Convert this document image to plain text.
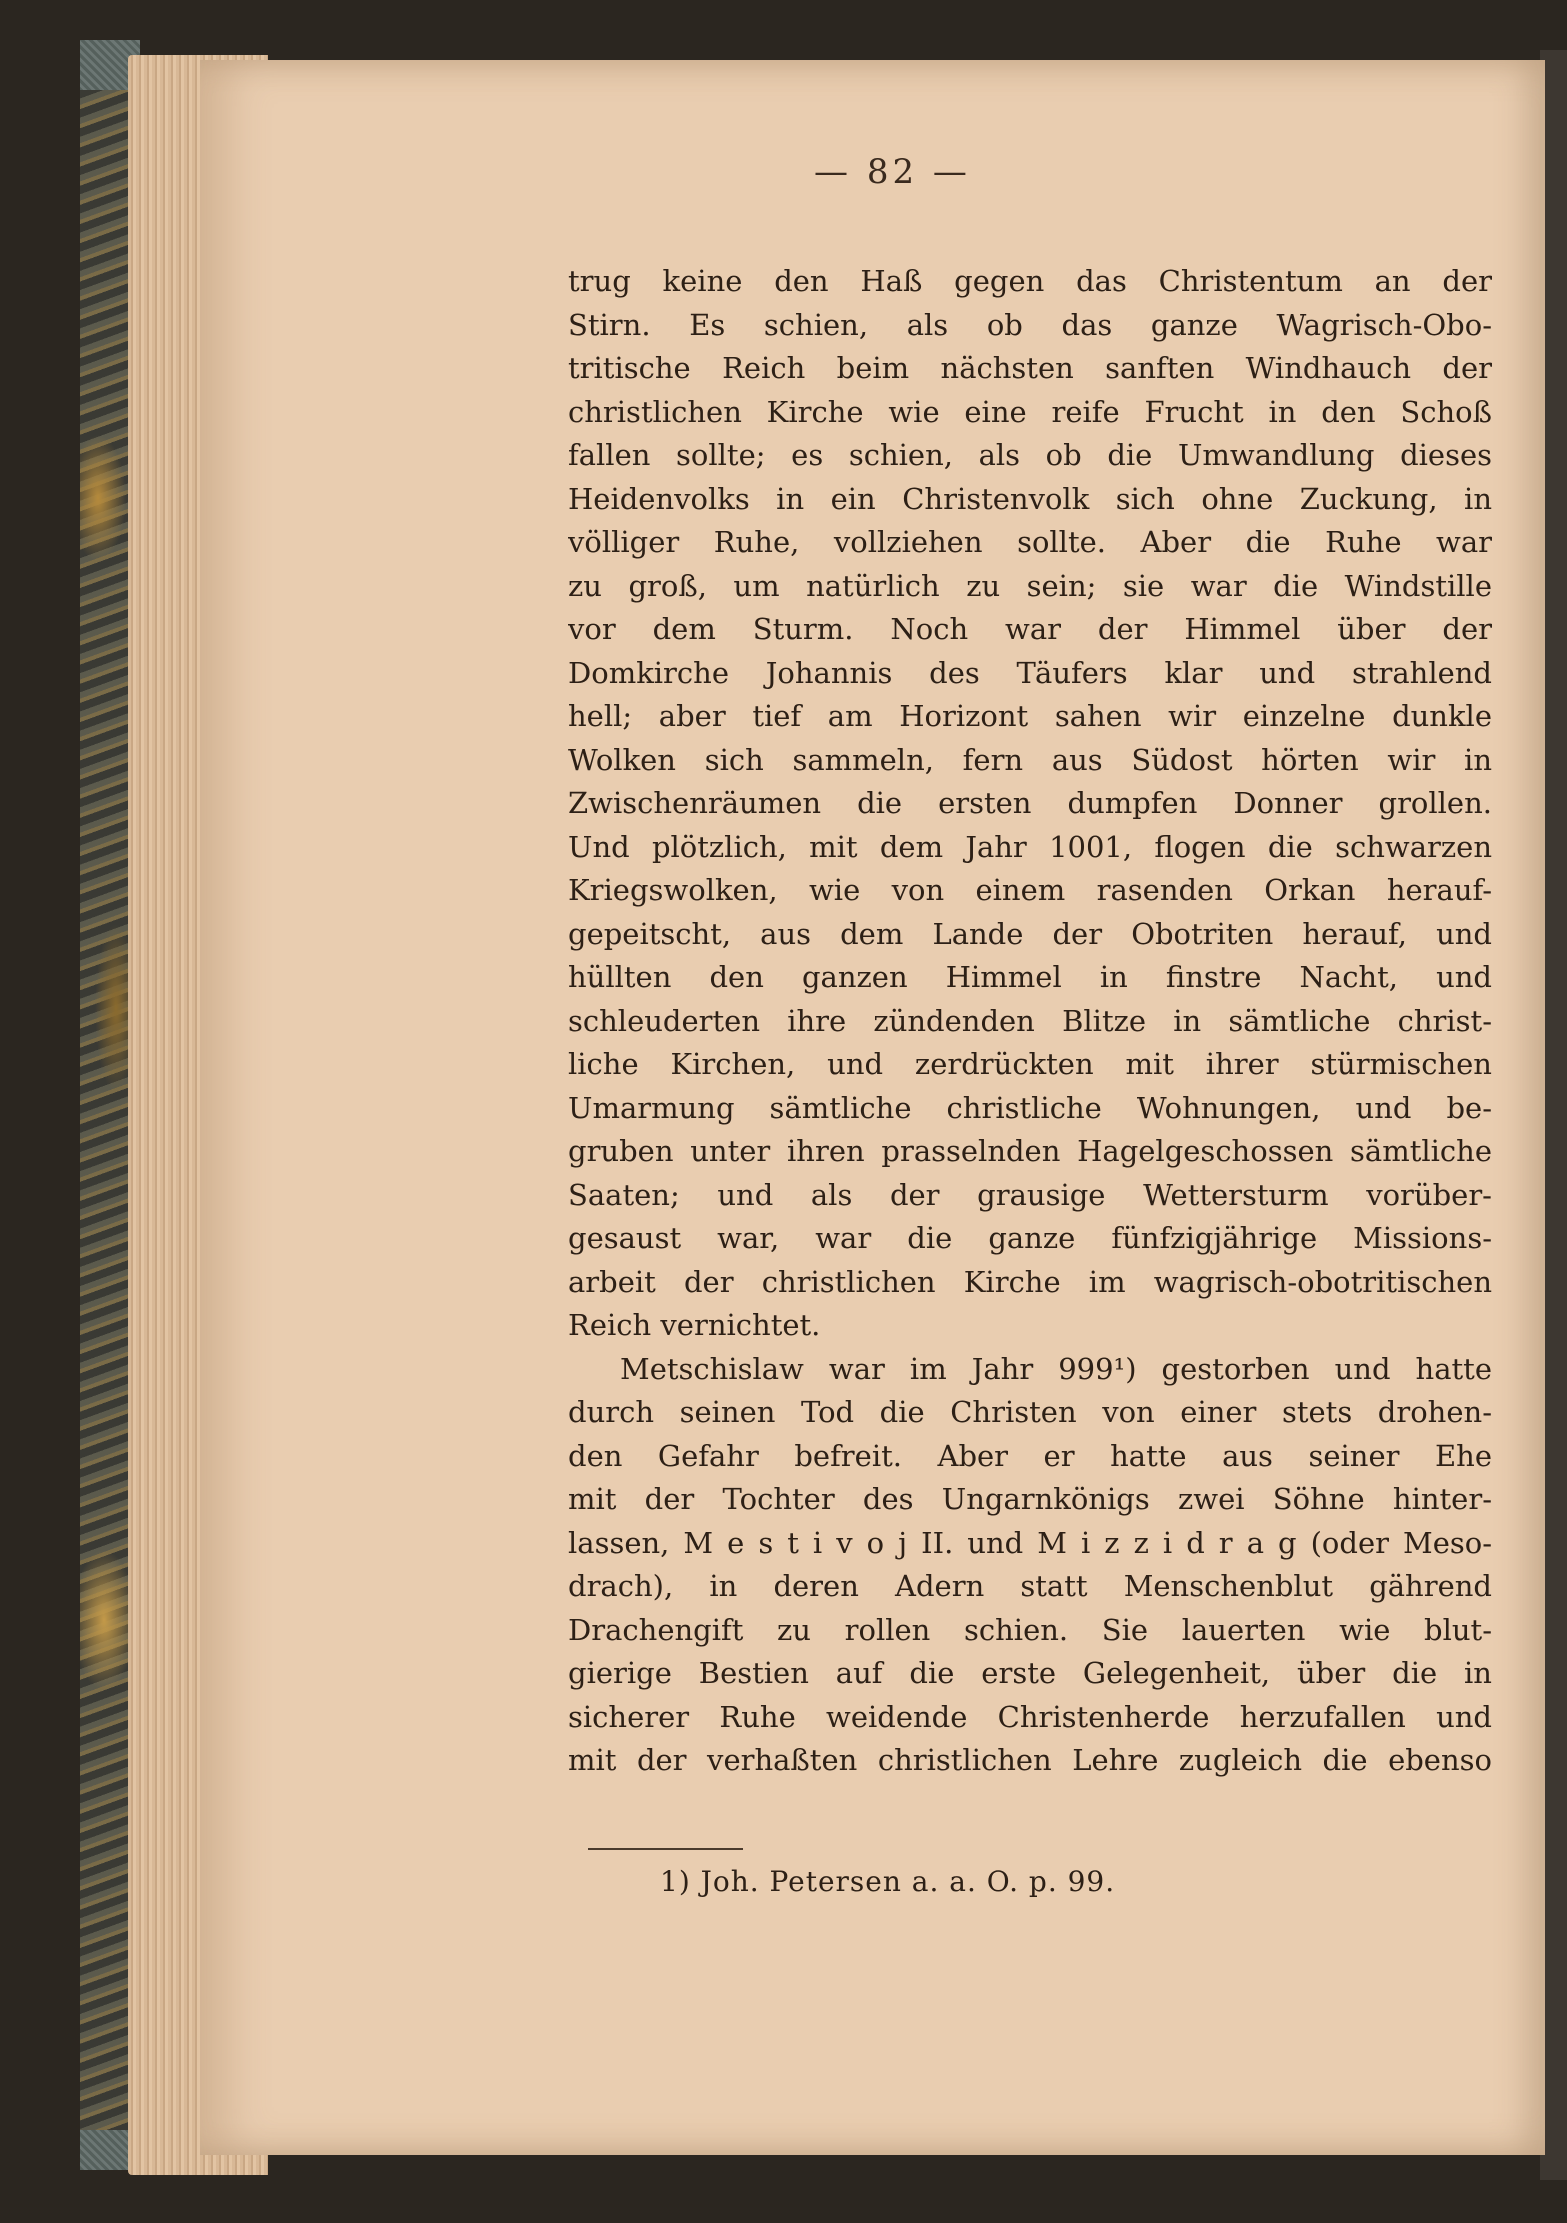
— 82 —
trug keine den Haß gegen das Christentum an der
Stirn. Es schien, als ob das ganze Wagrisch-Obo-
tritische Reich beim nächsten sanften Windhauch der
christlichen Kirche wie eine reife Frucht in den Schoß
fallen sollte; es schien, als ob die Umwandlung dieses
Heidenvolks in ein Christenvolk sich ohne Zuckung, in
völliger Ruhe, vollziehen sollte. Aber die Ruhe war
zu groß, um natürlich zu sein; sie war die Windstille
vor dem Sturm. Noch war der Himmel über der
Domkirche Johannis des Täufers klar und strahlend
hell; aber tief am Horizont sahen wir einzelne dunkle
Wolken sich sammeln, fern aus Südost hörten wir in
Zwischenräumen die ersten dumpfen Donner grollen.
Und plötzlich, mit dem Jahr 1001, flogen die schwarzen
Kriegswolken, wie von einem rasenden Orkan herauf-
gepeitscht, aus dem Lande der Obotriten herauf, und
hüllten den ganzen Himmel in finstre Nacht, und
schleuderten ihre zündenden Blitze in sämtliche christ-
liche Kirchen, und zerdrückten mit ihrer stürmischen
Umarmung sämtliche christliche Wohnungen, und be-
gruben unter ihren prasselnden Hagelgeschossen sämtliche
Saaten; und als der grausige Wettersturm vorüber-
gesaust war, war die ganze fünfzigjährige Missions-
arbeit der christlichen Kirche im wagrisch-obotritischen
Reich vernichtet.
Metschislaw war im Jahr 999¹) gestorben und hatte
durch seinen Tod die Christen von einer stets drohen-
den Gefahr befreit. Aber er hatte aus seiner Ehe
mit der Tochter des Ungarnkönigs zwei Söhne hinter-
lassen, M e s t i v o j II. und M i z z i d r a g (oder Meso-
drach), in deren Adern statt Menschenblut gährend
Drachengift zu rollen schien. Sie lauerten wie blut-
gierige Bestien auf die erste Gelegenheit, über die in
sicherer Ruhe weidende Christenherde herzufallen und
mit der verhaßten christlichen Lehre zugleich die ebenso
1) Joh. Petersen a. a. O. p. 99.
